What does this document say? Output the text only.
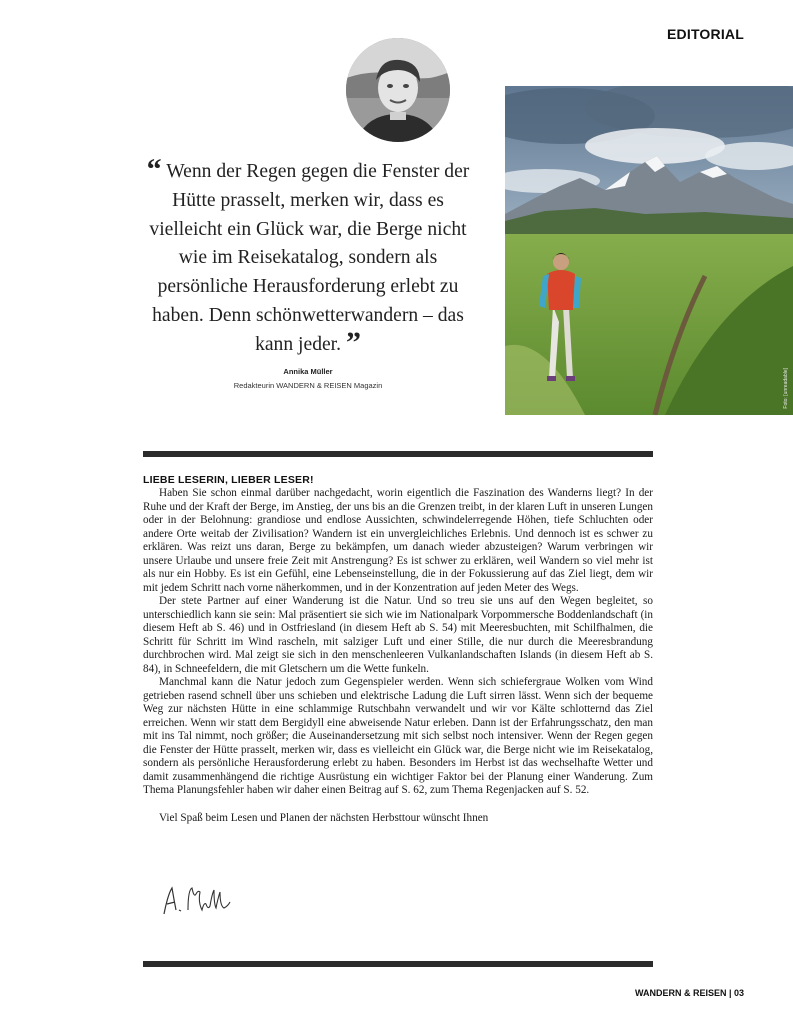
EDITORIAL
“ Wenn der Regen gegen die Fenster der Hütte prasselt, merken wir, dass es vielleicht ein Glück war, die Berge nicht wie im Reisekatalog, sondern als persönliche Herausforderung erlebt zu haben. Denn schönwetterwandern – das kann jeder. ”
Annika Müller
Redakteurin WANDERN & REISEN Magazin	Foto: [unreadable]
LIEBE LESERIN, LIEBER LESER!

Haben Sie schon einmal darüber nachgedacht, worin eigentlich die Faszination des Wanderns liegt? In der Ruhe und der Kraft der Berge, im Anstieg, der uns bis an die Grenzen treibt, in der klaren Luft in unseren Lungen oder in der Belohnung: grandiose und endlose Aussichten, schwindelerregende Höhen, tiefe Schluchten oder andere Orte weitab der Zivilisation? Wandern ist ein unvergleichliches Erlebnis. Und dennoch ist es schwer zu erklären. Was reizt uns daran, Berge zu bekämpfen, um danach wieder abzusteigen? Warum verbringen wir unsere Urlaube und unsere freie Zeit mit Anstrengung? Es ist schwer zu erklären, weil Wandern so viel mehr ist als nur ein Hobby. Es ist ein Gefühl, eine Lebenseinstellung, die in der Fokussierung auf das Ziel liegt, dem wir mit jedem Schritt nach vorne näherkommen, und in der Konzentration auf jeden Meter des Wegs.

Der stete Partner auf einer Wanderung ist die Natur. Und so treu sie uns auf den Wegen begleitet, so unterschiedlich kann sie sein: Mal präsentiert sie sich wie im Nationalpark Vorpommersche Boddenlandschaft (in diesem Heft ab S. 46) und in Ostfriesland (in diesem Heft ab S. 54) mit Meeresbuchten, mit Schilfhalmen, die Schritt für Schritt im Wind rascheln, mit salziger Luft und einer Stille, die nur durch die Meeresbrandung durchbrochen wird. Mal zeigt sie sich in den menschenleeren Vulkanlandschaften Islands (in diesem Heft ab S. 84), in Schneefeldern, die mit Gletschern um die Wette funkeln.

Manchmal kann die Natur jedoch zum Gegenspieler werden. Wenn sich schiefergraue Wolken vom Wind getrieben rasend schnell über uns schieben und elektrische Ladung die Luft sirren lässt. Wenn sich der bequeme Weg zur nächsten Hütte in eine schlammige Rutschbahn verwandelt und wir vor Kälte schlotternd das Ziel erreichen. Wenn wir statt dem Bergidyll eine abweisende Natur erleben. Dann ist der Erfahrungsschatz, den man mit ins Tal nimmt, noch größer; die Auseinandersetzung mit sich selbst noch intensiver. Wenn der Regen gegen die Fenster der Hütte prasselt, merken wir, dass es vielleicht ein Glück war, die Berge nicht wie im Reisekatalog, sondern als persönliche Herausforderung erlebt zu haben. Besonders im Herbst ist das wechselhafte Wetter und damit zusammenhängend die richtige Ausrüstung ein wichtiger Faktor bei der Planung einer Wanderung. Zum Thema Planungsfehler haben wir daher einen Beitrag auf S. 62, zum Thema Regenjacken auf S. 52.

Viel Spaß beim Lesen und Planen der nächsten Herbsttour wünscht Ihnen

WANDERN & REISEN | 03
